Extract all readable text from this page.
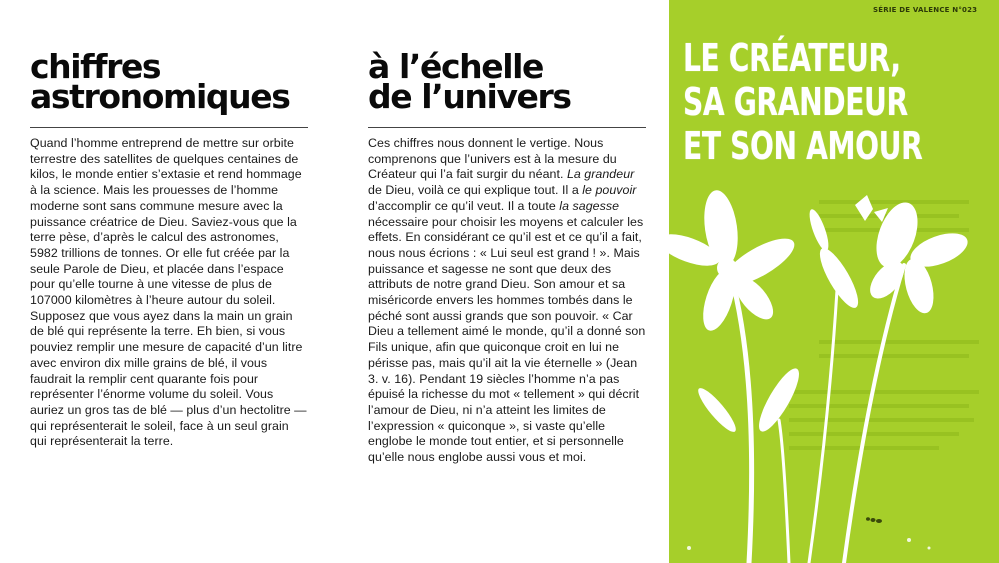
chiffres
astronomiques

Quand l’homme entreprend de mettre sur orbite terrestre des satellites de quelques centaines de kilos, le monde entier s’extasie et rend hommage à la science. Mais les prouesses de l’homme moderne sont sans commune mesure avec la puissance créatrice de Dieu. Saviez-vous que la terre pèse, d’après le calcul des astronomes, 5982 trillions de tonnes. Or elle fut créée par la seule Parole de Dieu, et placée dans l’espace pour qu’elle tourne à une vitesse de plus de 107000 kilomètres à l’heure autour du soleil. Supposez que vous ayez dans la main un grain de blé qui représente la terre. Eh bien, si vous pouviez remplir une mesure de capacité d’un litre avec environ dix mille grains de blé, il vous faudrait la remplir cent quarante fois pour représenter l’énorme volume du soleil. Vous auriez un gros tas de blé — plus d’un hectolitre — qui représenterait le soleil, face à un seul grain qui représenterait la terre.

à l’échelle
de l’univers

Ces chiffres nous donnent le vertige. Nous comprenons que l’univers est à la mesure du Créateur qui l’a fait surgir du néant. La grandeur de Dieu, voilà ce qui explique tout. Il a le pouvoir d’accomplir ce qu’il veut. Il a toute la sagesse nécessaire pour choisir les moyens et calculer les effets. En considérant ce qu’il est et ce qu’il a fait, nous nous écrions : « Lui seul est grand ! ». Mais puissance et sagesse ne sont que deux des attributs de notre grand Dieu. Son amour et sa miséricorde envers les hommes tombés dans le péché sont aussi grands que son pouvoir. « Car Dieu a tellement aimé le monde, qu’il a donné son Fils unique, afin que quiconque croit en lui ne périsse pas, mais qu’il ait la vie éternelle » (Jean 3. v. 16). Pendant 19 siècles l’homme n’a pas épuisé la richesse du mot « tellement » qui décrit l’amour de Dieu, ni n’a atteint les limites de l’expression « quiconque », si vaste qu’elle englobe le monde tout entier, et si personnelle qu’elle nous englobe aussi vous et moi.

SÉRIE DE VALENCE N°023
LE CRÉATEUR,
SA GRANDEUR
ET SON AMOUR
